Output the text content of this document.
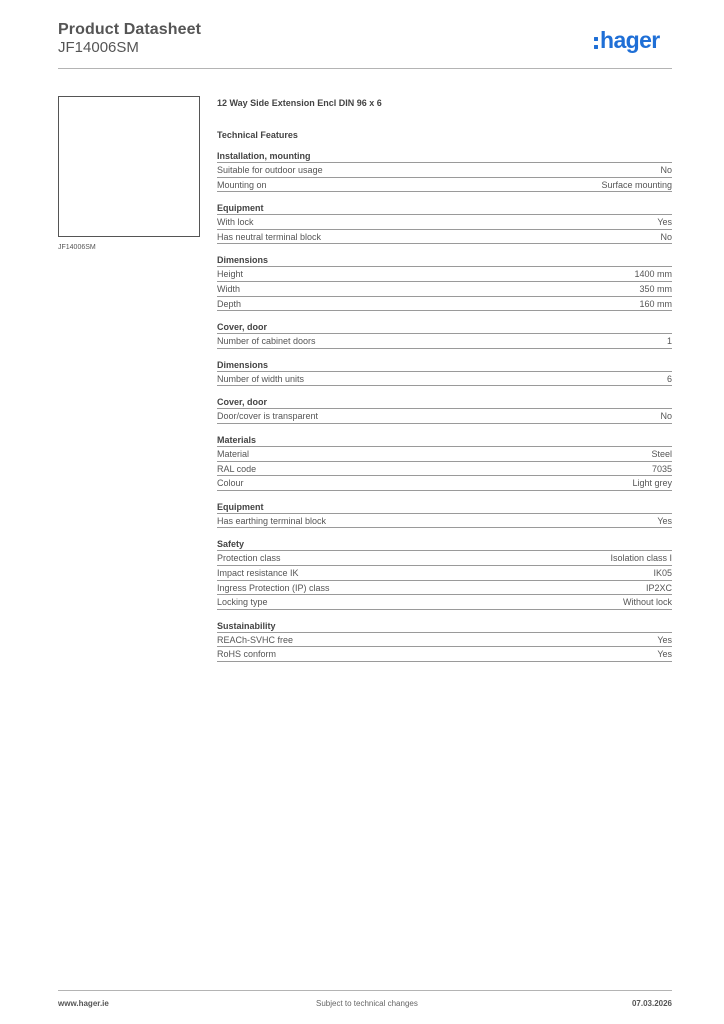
Product Datasheet
JF14006SM	hager
JF14006SM
12 Way Side Extension Encl DIN 96 x 6
Technical Features
Installation, mounting
Suitable for outdoor usage	No
Mounting on	Surface mounting
Equipment
With lock	Yes
Has neutral terminal block	No
Dimensions
Height	1400 mm
Width	350 mm
Depth	160 mm
Cover, door
Number of cabinet doors	1
Dimensions
Number of width units	6
Cover, door
Door/cover is transparent	No
Materials
Material	Steel
RAL code	7035
Colour	Light grey
Equipment
Has earthing terminal block	Yes
Safety
Protection class	Isolation class I
Impact resistance IK	IK05
Ingress Protection (IP) class	IP2XC
Locking type	Without lock
Sustainability
REACh-SVHC free	Yes
RoHS conform	Yes
www.hager.ie	Subject to technical changes	07.03.2026
